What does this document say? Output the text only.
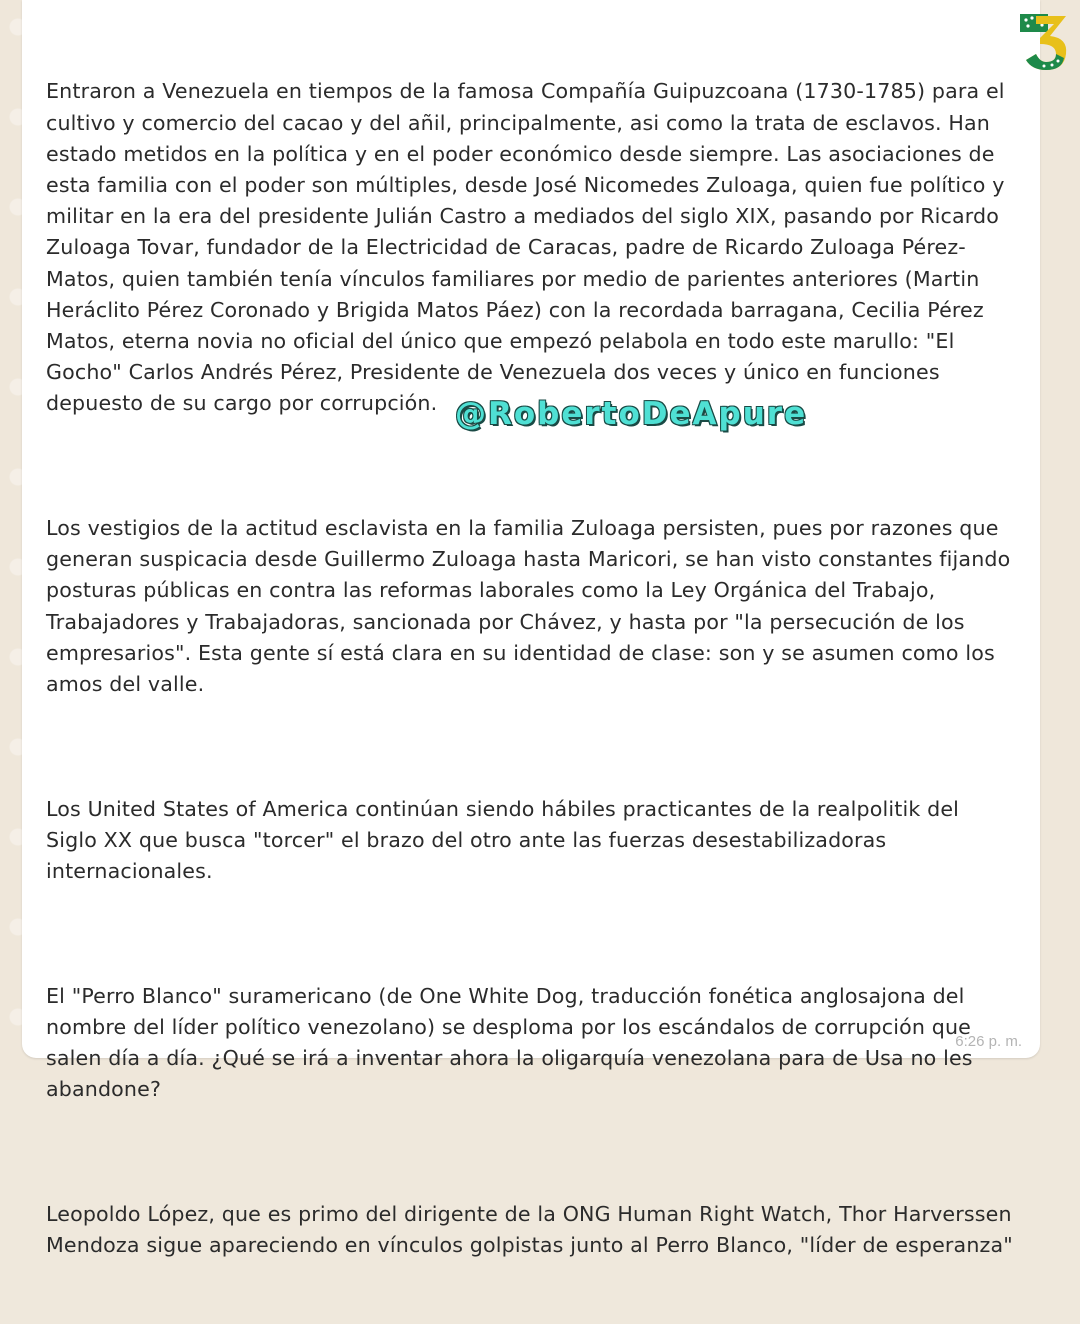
Entraron a Venezuela en tiempos de la famosa Compañía Guipuzcoana (1730-1785) para el cultivo y comercio del cacao y del añil, principalmente, asi como la trata de esclavos. Han estado metidos en la política y en el poder económico desde siempre. Las asociaciones de esta familia con el poder son múltiples, desde José Nicomedes Zuloaga, quien fue político y militar en la era del presidente Julián Castro a mediados del siglo XIX, pasando por Ricardo Zuloaga Tovar, fundador de la Electricidad de Caracas, padre de Ricardo Zuloaga Pérez-Matos, quien también tenía vínculos familiares por medio de parientes anteriores (Martin Heráclito Pérez Coronado y Brigida Matos Páez) con la recordada barragana, Cecilia Pérez Matos, eterna novia no oficial del único que empezó pelabola en todo este marullo: "El Gocho" Carlos Andrés Pérez, Presidente de Venezuela dos veces y único en funciones depuesto de su cargo por corrupción.

Los vestigios de la actitud esclavista en la familia Zuloaga persisten, pues por razones que generan suspicacia desde Guillermo Zuloaga hasta Maricori, se han visto constantes fijando posturas públicas en contra las reformas laborales como la Ley Orgánica del Trabajo, Trabajadores y Trabajadoras, sancionada por Chávez, y hasta por "la persecución de los empresarios". Esta gente sí está clara en su identidad de clase: son y se asumen como los amos del valle.

Los United States of America continúan siendo hábiles practicantes de la realpolitik del Siglo XX que busca "torcer" el brazo del otro ante las fuerzas desestabilizadoras internacionales.

El "Perro Blanco" suramericano (de One White Dog, traducción fonética anglosajona del nombre del líder político venezolano) se desploma por los escándalos de corrupción que salen día a día. ¿Qué se irá a inventar ahora la oligarquía venezolana para de Usa no les abandone?

Leopoldo López, que es primo del dirigente de la ONG Human Right Watch, Thor Harverssen Mendoza sigue apareciendo en vínculos golpistas junto al Perro Blanco, "líder de esperanza"

6:26 p. m.
@RobertoDeApure
